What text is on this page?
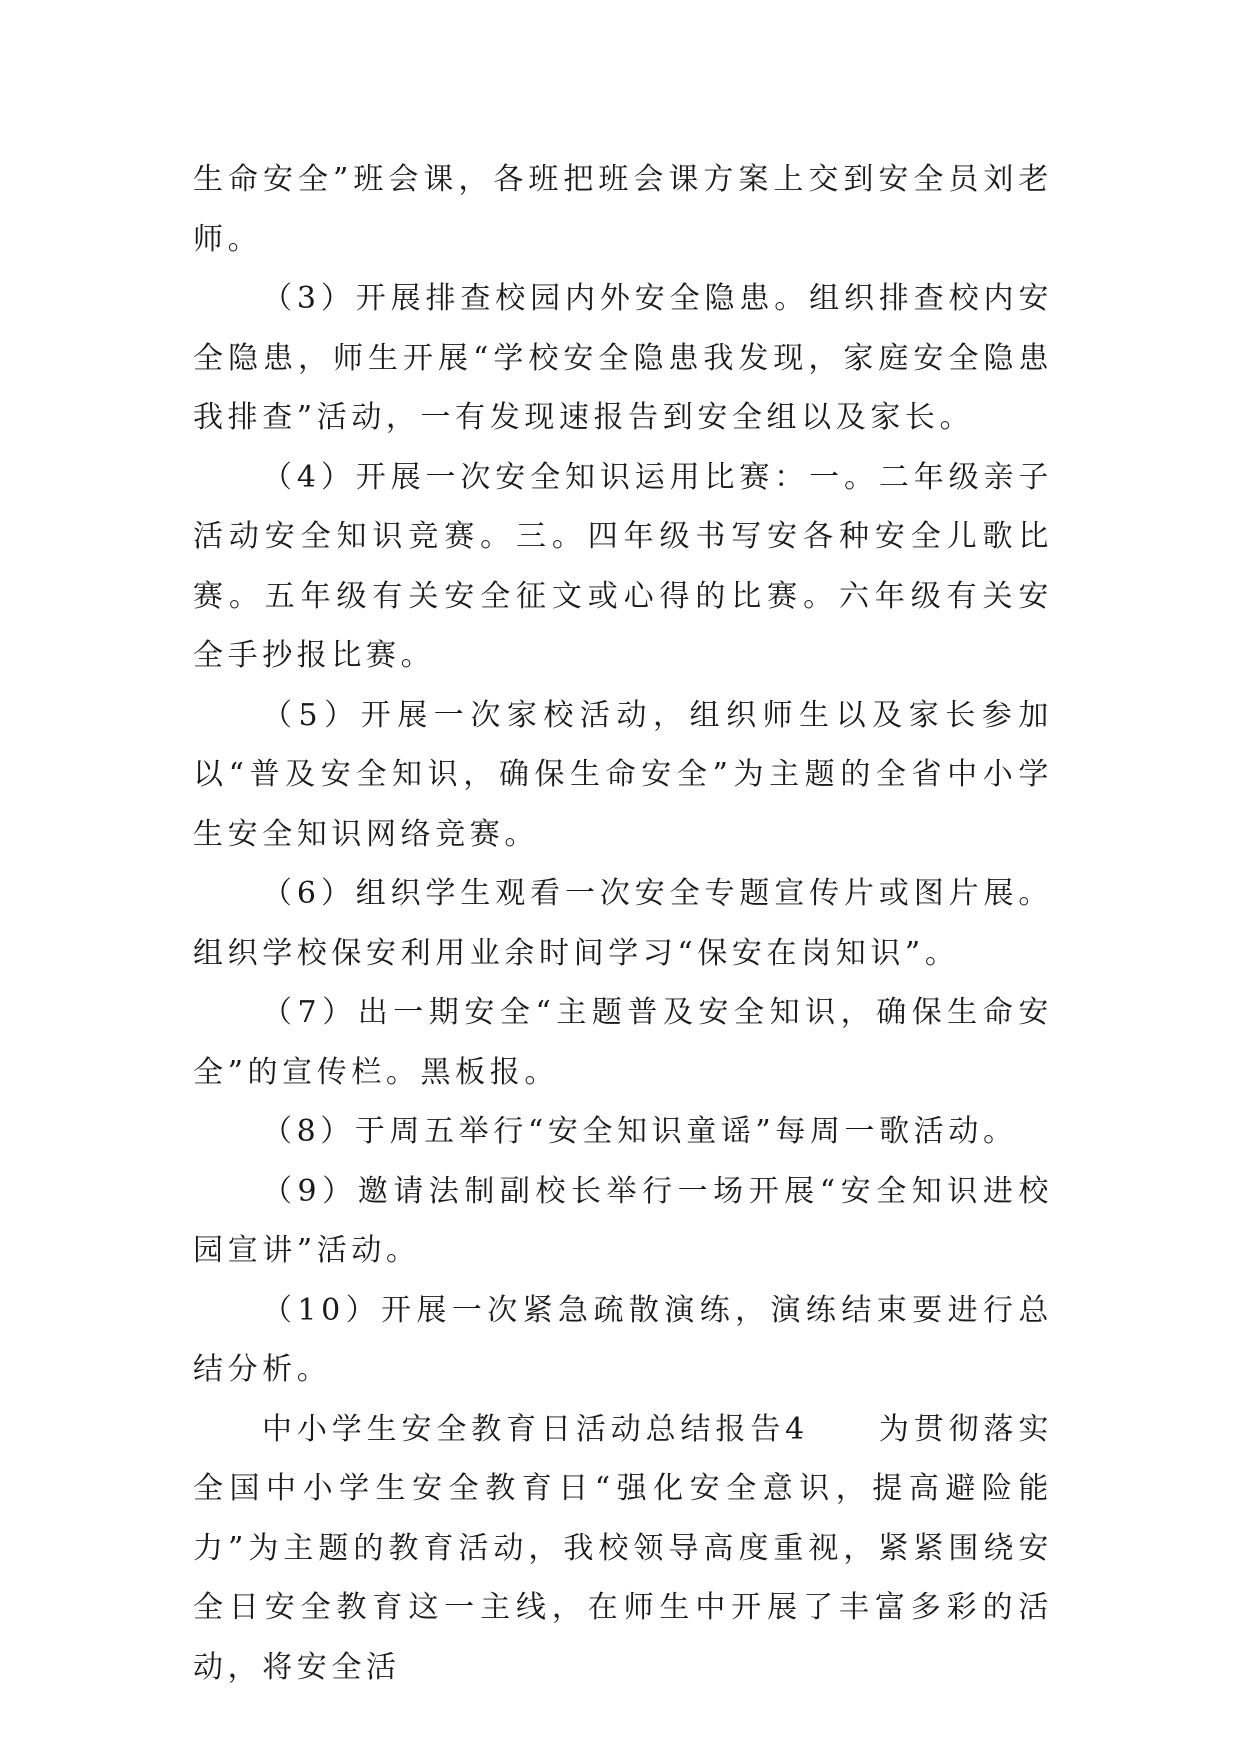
生命安全”班会课，各班把班会课方案上交到安全员刘老师。

（3）开展排查校园内外安全隐患。组织排查校内安全隐患，师生开展“学校安全隐患我发现，家庭安全隐患我排查”活动，一有发现速报告到安全组以及家长。

（4）开展一次安全知识运用比赛：一。二年级亲子活动安全知识竞赛。三。四年级书写安各种安全儿歌比赛。五年级有关安全征文或心得的比赛。六年级有关安全手抄报比赛。

（5）开展一次家校活动，组织师生以及家长参加以“普及安全知识，确保生命安全”为主题的全省中小学生安全知识网络竞赛。

（6）组织学生观看一次安全专题宣传片或图片展。组织学校保安利用业余时间学习“保安在岗知识”。

（7）出一期安全“主题普及安全知识，确保生命安全”的宣传栏。黑板报。

（8）于周五举行“安全知识童谣”每周一歌活动。

（9）邀请法制副校长举行一场开展“安全知识进校园宣讲”活动。

（10）开展一次紧急疏散演练，演练结束要进行总结分析。

中小学生安全教育日活动总结报告4　　为贯彻落实全国中小学生安全教育日“强化安全意识，提高避险能力”为主题的教育活动，我校领导高度重视，紧紧围绕安全日安全教育这一主线，在师生中开展了丰富多彩的活动，将安全活
